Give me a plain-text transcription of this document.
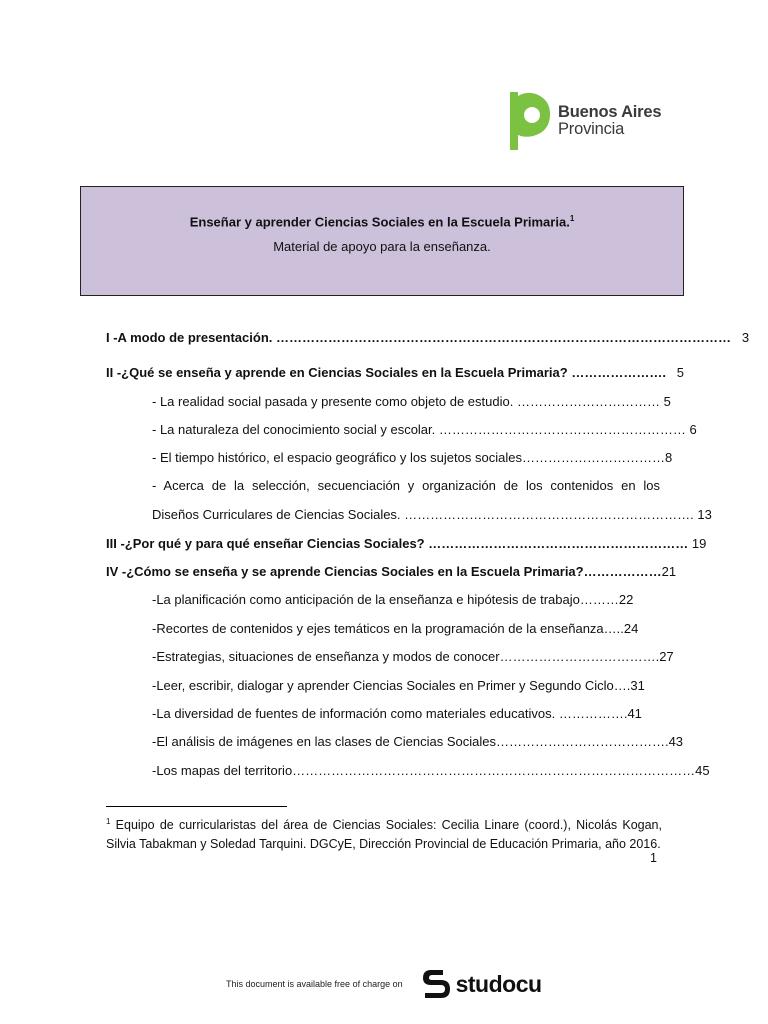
Buenos Aires
Provincia
Enseñar y aprender Ciencias Sociales en la Escuela Primaria.$^1$
Material de apoyo para la enseñanza.
I -A modo de presentación. …………………………………………………………………………………………… 3
II -¿Qué se enseña y aprende en Ciencias Sociales en la Escuela Primaria? …………………. 5
- La realidad social pasada y presente como objeto de estudio. …………………………… 5
- La naturaleza del conocimiento social y escolar. ………………………………………………… 6
- El tiempo histórico, el espacio geográfico y los sujetos sociales……………………………8
- Acerca de la selección, secuenciación y organización de los contenidos en los
Diseños Curriculares de Ciencias Sociales. …………………………………………………………. 13
III -¿Por qué y para qué enseñar Ciencias Sociales? …………………………………………………… 19
IV -¿Cómo se enseña y se aprende Ciencias Sociales en la Escuela Primaria?………………21
-La planificación como anticipación de la enseñanza e hipótesis de trabajo………22
-Recortes de contenidos y ejes temáticos en la programación de la enseñanza…..24
-Estrategias, situaciones de enseñanza y modos de conocer……………………………….27
-Leer, escribir, dialogar y aprender Ciencias Sociales en Primer y Segundo Ciclo….31
-La diversidad de fuentes de información como materiales educativos. …………….41
-El análisis de imágenes en las clases de Ciencias Sociales………………………………….43
-Los mapas del territorio…………………………………………………………………………………45
$^1$ Equipo de curricularistas del área de Ciencias Sociales: Cecilia Linare (coord.), Nicolás Kogan, Silvia Tabakman y Soledad Tarquini. DGCyE, Dirección Provincial de Educación Primaria, año 2016.
1
This document is available free of charge on studocu
